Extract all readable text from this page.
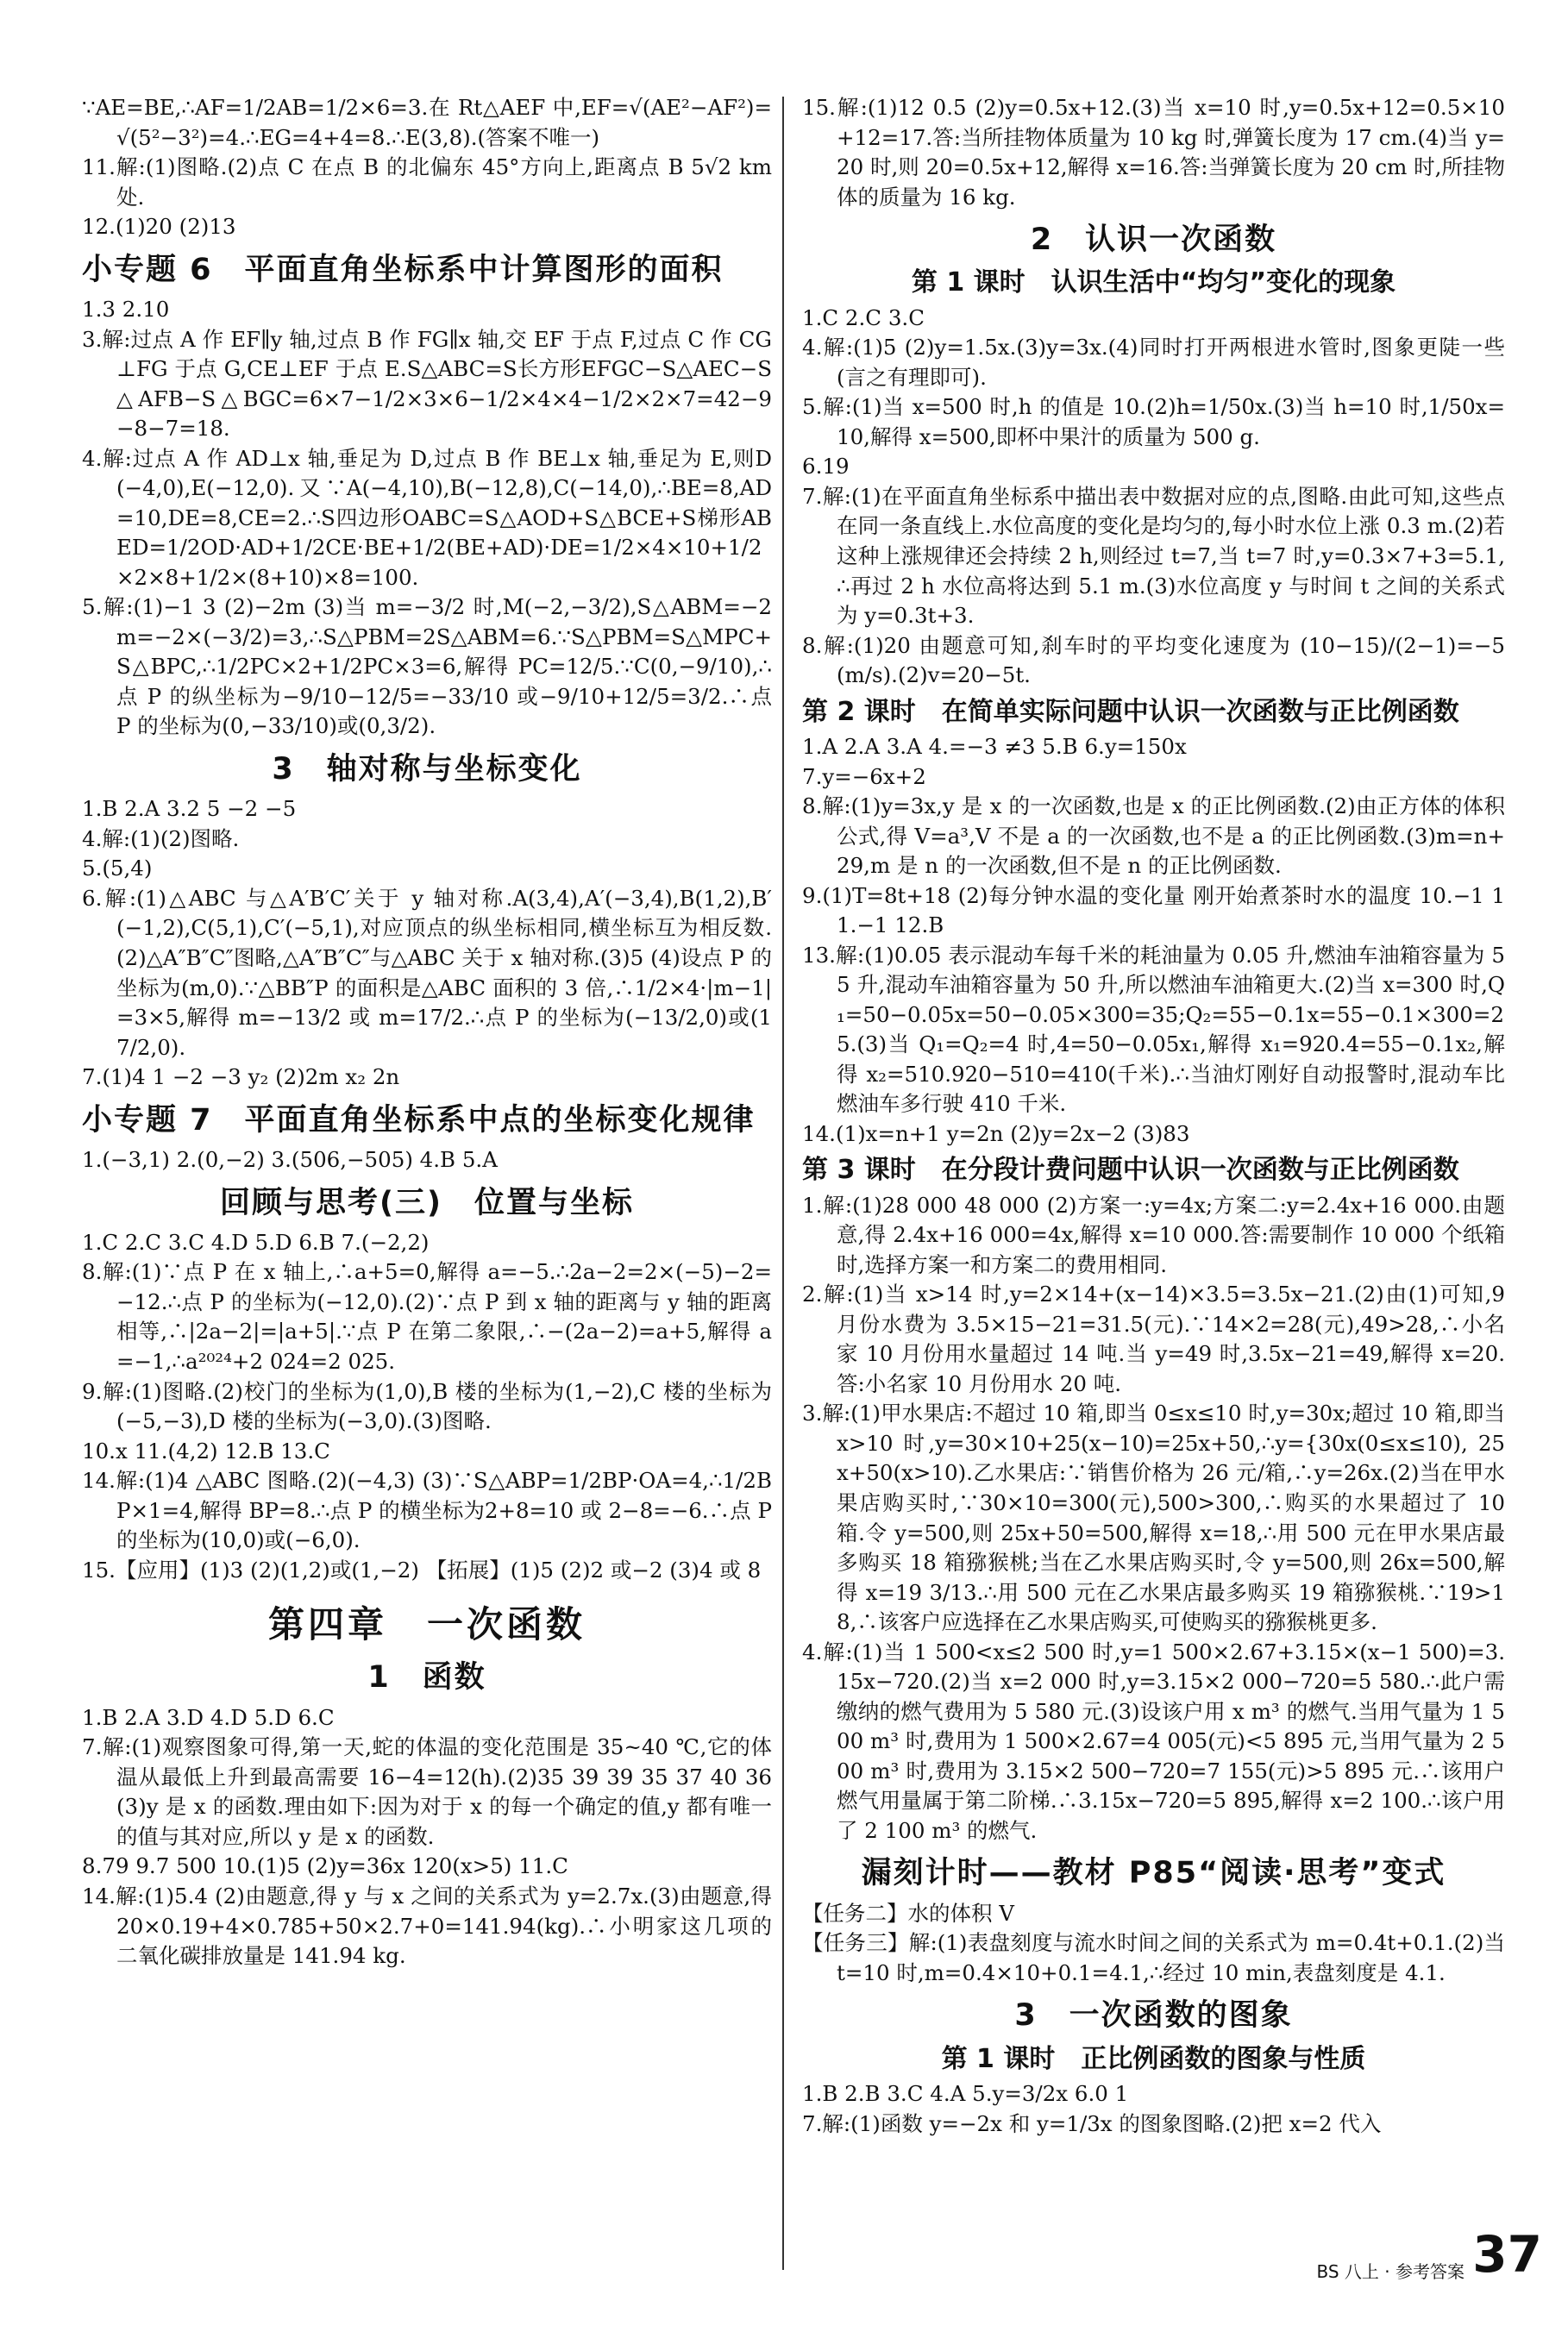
∵AE=BE,∴AF=1/2AB=1/2×6=3.在 Rt△AEF 中,EF=√(AE²−AF²)=√(5²−3²)=4.∴EG=4+4=8.∴E(3,8).(答案不唯一)

11.解:(1)图略.(2)点 C 在点 B 的北偏东 45°方向上,距离点 B 5√2 km处.

12.(1)20 (2)13

小专题 6　平面直角坐标系中计算图形的面积

1.3 2.10

3.解:过点 A 作 EF∥y 轴,过点 B 作 FG∥x 轴,交 EF 于点 F,过点 C 作 CG⊥FG 于点 G,CE⊥EF 于点 E.S△ABC=S长方形EFGC−S△AEC−S△AFB−S△BGC=6×7−1/2×3×6−1/2×4×4−1/2×2×7=42−9−8−7=18.

4.解:过点 A 作 AD⊥x 轴,垂足为 D,过点 B 作 BE⊥x 轴,垂足为 E,则D(−4,0),E(−12,0).又∵A(−4,10),B(−12,8),C(−14,0),∴BE=8,AD=10,DE=8,CE=2.∴S四边形OABC=S△AOD+S△BCE+S梯形ABED=1/2OD·AD+1/2CE·BE+1/2(BE+AD)·DE=1/2×4×10+1/2×2×8+1/2×(8+10)×8=100.

5.解:(1)−1 3 (2)−2m (3)当 m=−3/2 时,M(−2,−3/2),S△ABM=−2m=−2×(−3/2)=3,∴S△PBM=2S△ABM=6.∵S△PBM=S△MPC+S△BPC,∴1/2PC×2+1/2PC×3=6,解得 PC=12/5.∵C(0,−9/10),∴点 P 的纵坐标为−9/10−12/5=−33/10 或−9/10+12/5=3/2.∴点 P 的坐标为(0,−33/10)或(0,3/2).

3　轴对称与坐标变化

1.B 2.A 3.2 5 −2 −5

4.解:(1)(2)图略.

5.(5,4)

6.解:(1)△ABC 与△A′B′C′关于 y 轴对称.A(3,4),A′(−3,4),B(1,2),B′(−1,2),C(5,1),C′(−5,1),对应顶点的纵坐标相同,横坐标互为相反数.(2)△A″B″C″图略,△A″B″C″与△ABC 关于 x 轴对称.(3)5 (4)设点 P 的坐标为(m,0).∵△BB″P 的面积是△ABC 面积的 3 倍,∴1/2×4·|m−1|=3×5,解得 m=−13/2 或 m=17/2.∴点 P 的坐标为(−13/2,0)或(17/2,0).

7.(1)4 1 −2 −3 y₂ (2)2m x₂ 2n

小专题 7　平面直角坐标系中点的坐标变化规律

1.(−3,1) 2.(0,−2) 3.(506,−505) 4.B 5.A

回顾与思考(三)　位置与坐标

1.C 2.C 3.C 4.D 5.D 6.B 7.(−2,2)

8.解:(1)∵点 P 在 x 轴上,∴a+5=0,解得 a=−5.∴2a−2=2×(−5)−2=−12.∴点 P 的坐标为(−12,0).(2)∵点 P 到 x 轴的距离与 y 轴的距离相等,∴|2a−2|=|a+5|.∵点 P 在第二象限,∴−(2a−2)=a+5,解得 a=−1,∴a²⁰²⁴+2 024=2 025.

9.解:(1)图略.(2)校门的坐标为(1,0),B 楼的坐标为(1,−2),C 楼的坐标为(−5,−3),D 楼的坐标为(−3,0).(3)图略.

10.x 11.(4,2) 12.B 13.C

14.解:(1)4 △ABC 图略.(2)(−4,3) (3)∵S△ABP=1/2BP·OA=4,∴1/2BP×1=4,解得 BP=8.∴点 P 的横坐标为2+8=10 或 2−8=−6.∴点 P 的坐标为(10,0)或(−6,0).

15.【应用】(1)3 (2)(1,2)或(1,−2) 【拓展】(1)5 (2)2 或−2 (3)4 或 8

第四章　一次函数
1　函数

1.B 2.A 3.D 4.D 5.D 6.C

7.解:(1)观察图象可得,第一天,蛇的体温的变化范围是 35~40 ℃,它的体温从最低上升到最高需要 16−4=12(h).(2)35 39 39 35 37 40 36 (3)y 是 x 的函数.理由如下:因为对于 x 的每一个确定的值,y 都有唯一的值与其对应,所以 y 是 x 的函数.

8.79 9.7 500 10.(1)5 (2)y=36x 120(x>5) 11.C

14.解:(1)5.4 (2)由题意,得 y 与 x 之间的关系式为 y=2.7x.(3)由题意,得 20×0.19+4×0.785+50×2.7+0=141.94(kg).∴小明家这几项的二氧化碳排放量是 141.94 kg.

15.解:(1)12 0.5 (2)y=0.5x+12.(3)当 x=10 时,y=0.5x+12=0.5×10+12=17.答:当所挂物体质量为 10 kg 时,弹簧长度为 17 cm.(4)当 y=20 时,则 20=0.5x+12,解得 x=16.答:当弹簧长度为 20 cm 时,所挂物体的质量为 16 kg.

2　认识一次函数
第 1 课时　认识生活中“均匀”变化的现象

1.C 2.C 3.C

4.解:(1)5 (2)y=1.5x.(3)y=3x.(4)同时打开两根进水管时,图象更陡一些(言之有理即可).

5.解:(1)当 x=500 时,h 的值是 10.(2)h=1/50x.(3)当 h=10 时,1/50x=10,解得 x=500,即杯中果汁的质量为 500 g.

6.19

7.解:(1)在平面直角坐标系中描出表中数据对应的点,图略.由此可知,这些点在同一条直线上.水位高度的变化是均匀的,每小时水位上涨 0.3 m.(2)若这种上涨规律还会持续 2 h,则经过 t=7,当 t=7 时,y=0.3×7+3=5.1,∴再过 2 h 水位高将达到 5.1 m.(3)水位高度 y 与时间 t 之间的关系式为 y=0.3t+3.

8.解:(1)20 由题意可知,刹车时的平均变化速度为 (10−15)/(2−1)=−5(m/s).(2)v=20−5t.

第 2 课时　在简单实际问题中认识一次函数与正比例函数

1.A 2.A 3.A 4.=−3 ≠3 5.B 6.y=150x

7.y=−6x+2

8.解:(1)y=3x,y 是 x 的一次函数,也是 x 的正比例函数.(2)由正方体的体积公式,得 V=a³,V 不是 a 的一次函数,也不是 a 的正比例函数.(3)m=n+29,m 是 n 的一次函数,但不是 n 的正比例函数.

9.(1)T=8t+18 (2)每分钟水温的变化量 刚开始煮茶时水的温度 10.−1 11.−1 12.B

13.解:(1)0.05 表示混动车每千米的耗油量为 0.05 升,燃油车油箱容量为 55 升,混动车油箱容量为 50 升,所以燃油车油箱更大.(2)当 x=300 时,Q₁=50−0.05x=50−0.05×300=35;Q₂=55−0.1x=55−0.1×300=25.(3)当 Q₁=Q₂=4 时,4=50−0.05x₁,解得 x₁=920.4=55−0.1x₂,解得 x₂=510.920−510=410(千米).∴当油灯刚好自动报警时,混动车比燃油车多行驶 410 千米.

14.(1)x=n+1 y=2n (2)y=2x−2 (3)83

第 3 课时　在分段计费问题中认识一次函数与正比例函数

1.解:(1)28 000 48 000 (2)方案一:y=4x;方案二:y=2.4x+16 000.由题意,得 2.4x+16 000=4x,解得 x=10 000.答:需要制作 10 000 个纸箱时,选择方案一和方案二的费用相同.

2.解:(1)当 x>14 时,y=2×14+(x−14)×3.5=3.5x−21.(2)由(1)可知,9 月份水费为 3.5×15−21=31.5(元).∵14×2=28(元),49>28,∴小名家 10 月份用水量超过 14 吨.当 y=49 时,3.5x−21=49,解得 x=20.答:小名家 10 月份用水 20 吨.

3.解:(1)甲水果店:不超过 10 箱,即当 0≤x≤10 时,y=30x;超过 10 箱,即当 x>10 时,y=30×10+25(x−10)=25x+50,∴y={30x(0≤x≤10), 25x+50(x>10).乙水果店:∵销售价格为 26 元/箱,∴y=26x.(2)当在甲水果店购买时,∵30×10=300(元),500>300,∴购买的水果超过了 10 箱.令 y=500,则 25x+50=500,解得 x=18,∴用 500 元在甲水果店最多购买 18 箱猕猴桃;当在乙水果店购买时,令 y=500,则 26x=500,解得 x=19 3/13.∴用 500 元在乙水果店最多购买 19 箱猕猴桃.∵19>18,∴该客户应选择在乙水果店购买,可使购买的猕猴桃更多.

4.解:(1)当 1 500<x≤2 500 时,y=1 500×2.67+3.15×(x−1 500)=3.15x−720.(2)当 x=2 000 时,y=3.15×2 000−720=5 580.∴此户需缴纳的燃气费用为 5 580 元.(3)设该户用 x m³ 的燃气.当用气量为 1 500 m³ 时,费用为 1 500×2.67=4 005(元)<5 895 元,当用气量为 2 500 m³ 时,费用为 3.15×2 500−720=7 155(元)>5 895 元.∴该用户燃气用量属于第二阶梯.∴3.15x−720=5 895,解得 x=2 100.∴该户用了 2 100 m³ 的燃气.

漏刻计时——教材 P85“阅读·思考”变式

【任务二】水的体积 V

【任务三】解:(1)表盘刻度与流水时间之间的关系式为 m=0.4t+0.1.(2)当 t=10 时,m=0.4×10+0.1=4.1,∴经过 10 min,表盘刻度是 4.1.

3　一次函数的图象
第 1 课时　正比例函数的图象与性质

1.B 2.B 3.C 4.A 5.y=3/2x 6.0 1

7.解:(1)函数 y=−2x 和 y=1/3x 的图象图略.(2)把 x=2 代入

BS 八上 · 参考答案 37
